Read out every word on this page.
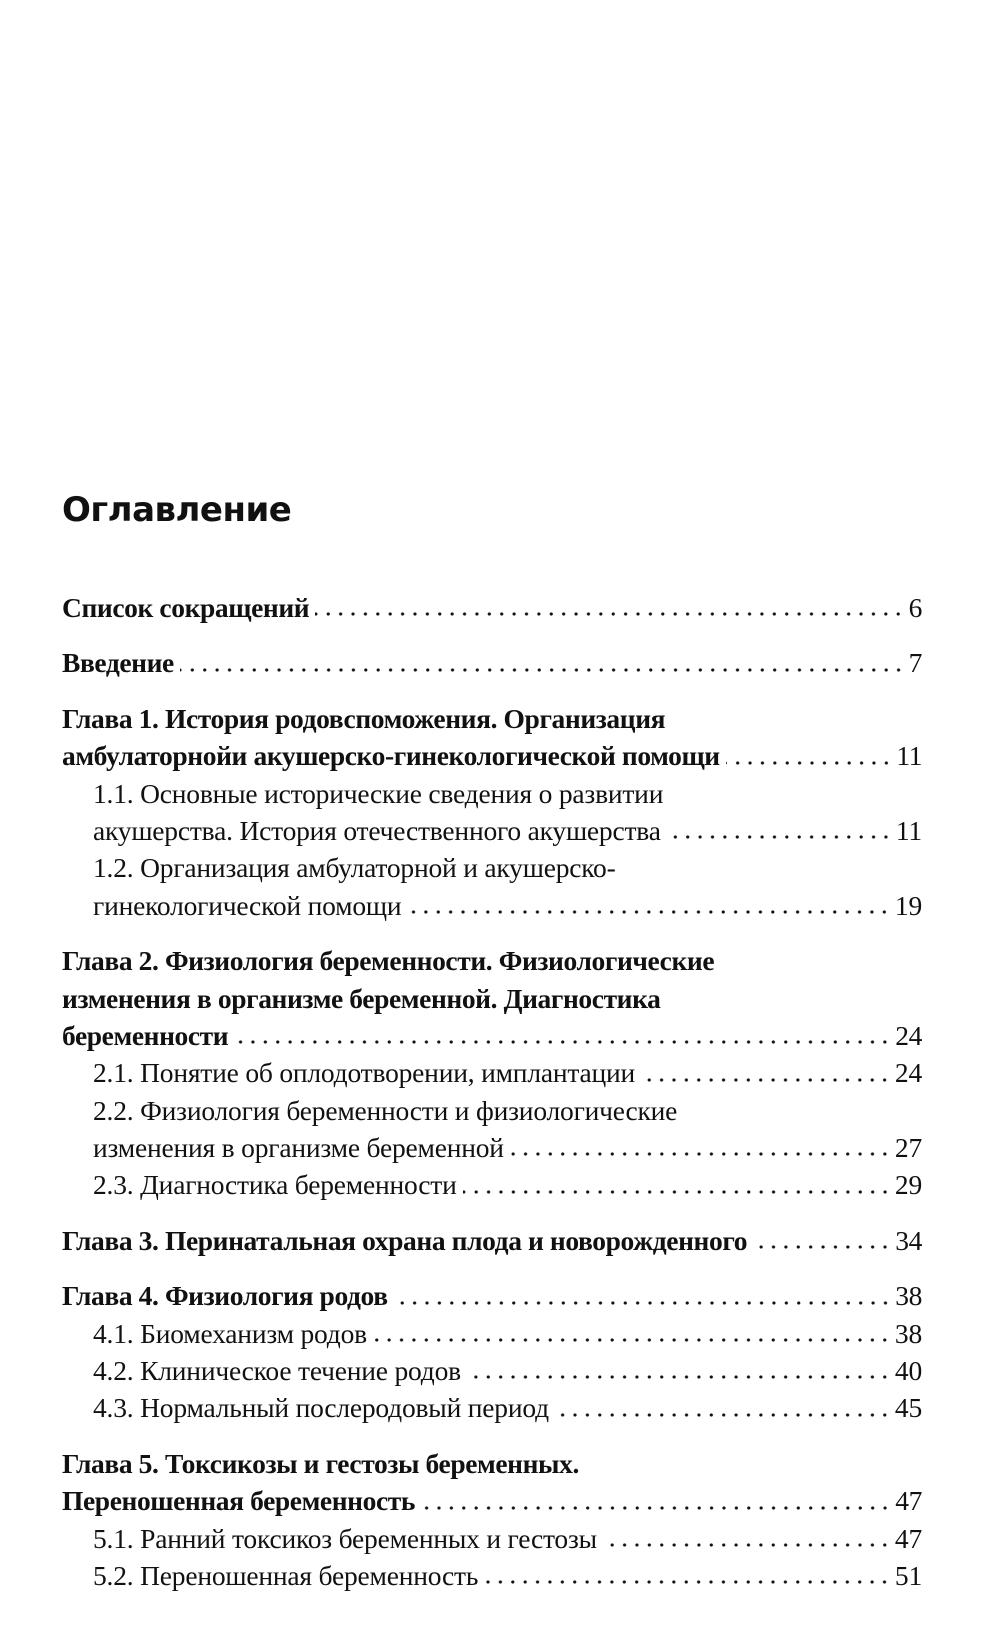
Оглавление
Список сокращений	6
Введение	7
Глава 1. История родовспоможения. Организация
амбулаторнойи акушерско-гинекологической помощи	11
1.1. Основные исторические сведения о развитии
акушерства. История отечественного акушерства	11
1.2. Организация амбулаторной и акушерско-
гинекологической помощи	19
Глава 2. Физиология беременности. Физиологические
изменения в организме беременной. Диагностика
беременности	24
2.1. Понятие об оплодотворении, имплантации	24
2.2. Физиология беременности и физиологические
изменения в организме беременной	27
2.3. Диагностика беременности	29
Глава 3. Перинатальная охрана плода и новорожденного	34
Глава 4. Физиология родов	38
4.1. Биомеханизм родов	38
4.2. Клиническое течение родов	40
4.3. Нормальный послеродовый период	45
Глава 5. Токсикозы и гестозы беременных.
Переношенная беременность	47
5.1. Ранний токсикоз беременных и гестозы	47
5.2. Переношенная беременность	51
